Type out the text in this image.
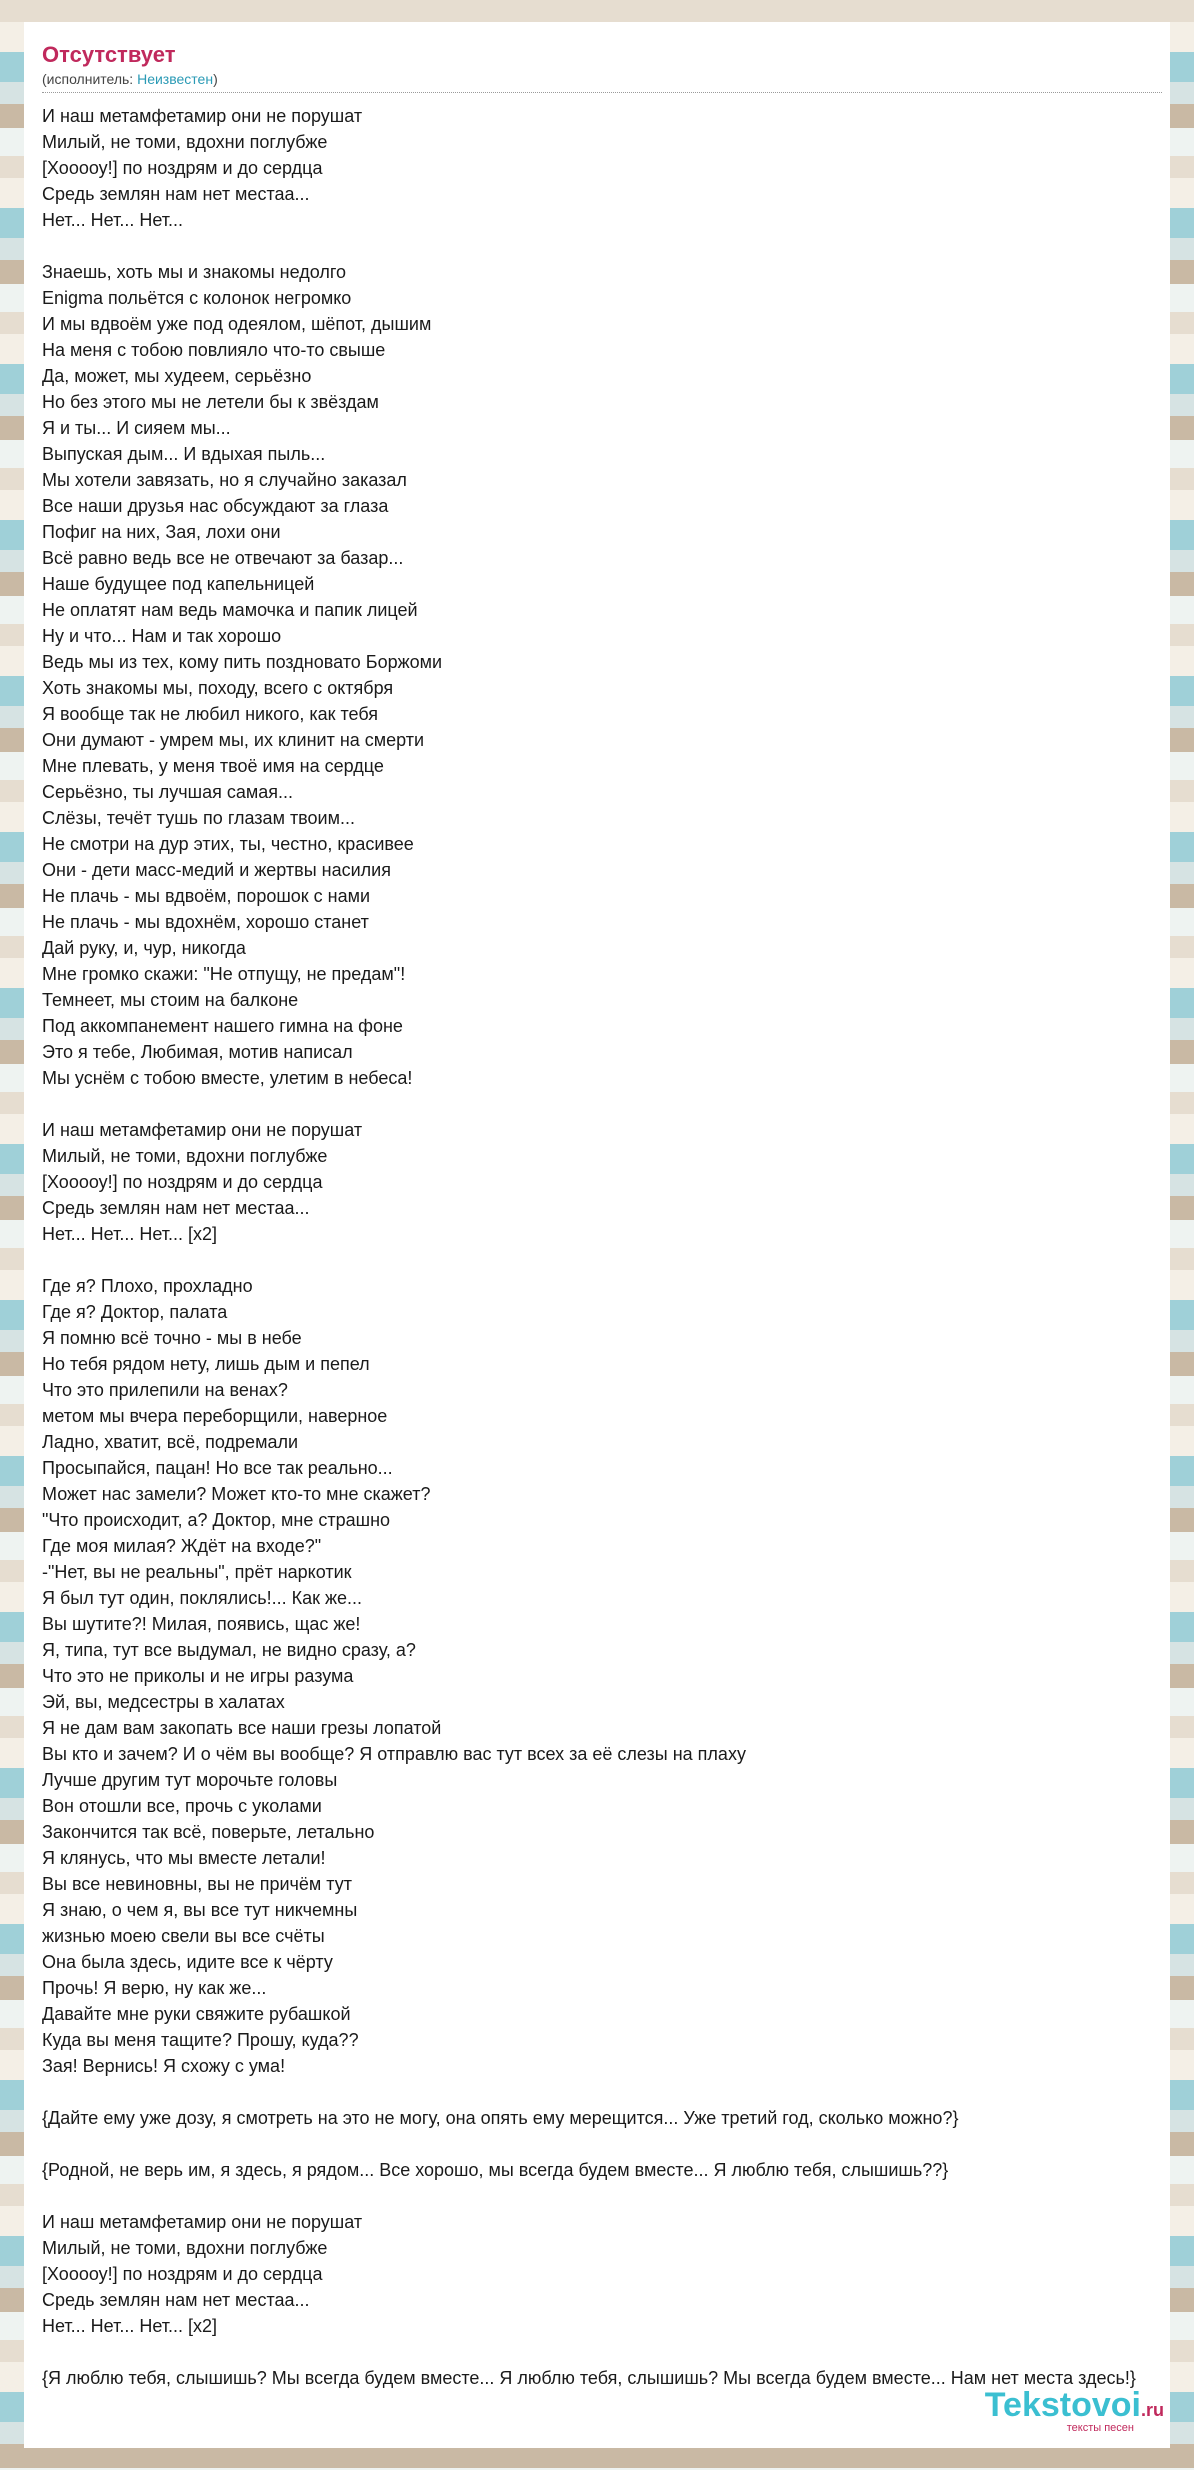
Отсутствует
(исполнитель: Неизвестен)
И наш метамфетамир они не порушат
Милый, не томи, вдохни поглубже
[Хооооу!] по ноздрям и до сердца
Средь землян нам нет местаа...
Нет... Нет... Нет...
Знаешь, хоть мы и знакомы недолго
Enigma польётся с колонок негромко
И мы вдвоём уже под одеялом, шёпот, дышим
На меня с тобою повлияло что-то свыше
Да, может, мы худеем, серьёзно
Но без этого мы не летели бы к звёздам
Я и ты... И сияем мы...
Выпуская дым... И вдыхая пыль...
Мы хотели завязать, но я случайно заказал
Все наши друзья нас обсуждают за глаза
Пофиг на них, Зая, лохи они
Всё равно ведь все не отвечают за базар...
Наше будущее под капельницей
Не оплатят нам ведь мамочка и папик лицей
Ну и что... Нам и так хорошо
Ведь мы из тех, кому пить поздновато Боржоми
Хоть знакомы мы, походу, всего с октября
Я вообще так не любил никого, как тебя
Они думают - умрем мы, их клинит на смерти
Мне плевать, у меня твоё имя на сердце
Серьёзно, ты лучшая самая...
Слёзы, течёт тушь по глазам твоим...
Не смотри на дур этих, ты, честно, красивее
Они - дети масс-медий и жертвы насилия
Не плачь - мы вдвоём, порошок с нами
Не плачь - мы вдохнём, хорошо станет
Дай руку, и, чур, никогда
Мне громко скажи: "Не отпущу, не предам"!
Темнеет, мы стоим на балконе
Под аккомпанемент нашего гимна на фоне
Это я тебе, Любимая, мотив написал
Мы уснём с тобою вместе, улетим в небеса!
И наш метамфетамир они не порушат
Милый, не томи, вдохни поглубже
[Хооооу!] по ноздрям и до сердца
Средь землян нам нет местаа...
Нет... Нет... Нет... [x2]
Где я? Плохо, прохладно
Где я? Доктор, палата
Я помню всё точно - мы в небе
Но тебя рядом нету, лишь дым и пепел
Что это прилепили на венах?
метом мы вчера переборщили, наверное
Ладно, хватит, всё, подремали
Просыпайся, пацан! Но все так реально...
Может нас замели? Может кто-то мне скажет?
"Что происходит, а? Доктор, мне страшно
Где моя милая? Ждёт на входе?"
-"Нет, вы не реальны", прёт наркотик
Я был тут один, поклялись!... Как же...
Вы шутите?! Милая, появись, щас же!
Я, типа, тут все выдумал, не видно сразу, а?
Что это не приколы и не игры разума
Эй, вы, медсестры в халатах
Я не дам вам закопать все наши грезы лопатой
Вы кто и зачем? И о чём вы вообще? Я отправлю вас тут всех за её слезы на плаху
Лучше другим тут морочьте головы
Вон отошли все, прочь с уколами
Закончится так всё, поверьте, летально
Я клянусь, что мы вместе летали!
Вы все невиновны, вы не причём тут
Я знаю, о чем я, вы все тут никчемны
жизнью моею свели вы все счёты
Она была здесь, идите все к чёрту
Прочь! Я верю, ну как же...
Давайте мне руки свяжите рубашкой
Куда вы меня тащите? Прошу, куда??
Зая! Вернись! Я схожу с ума!
{Дайте ему уже дозу, я смотреть на это не могу, она опять ему мерещится... Уже третий год, сколько можно?}
{Родной, не верь им, я здесь, я рядом... Все хорошо, мы всегда будем вместе... Я люблю тебя, слышишь??}
И наш метамфетамир они не порушат
Милый, не томи, вдохни поглубже
[Хооооу!] по ноздрям и до сердца
Средь землян нам нет местаа...
Нет... Нет... Нет... [x2]
{Я люблю тебя, слышишь? Мы всегда будем вместе... Я люблю тебя, слышишь? Мы всегда будем вместе... Нам нет места здесь!}
Tekstovoi.ru
тексты песен
